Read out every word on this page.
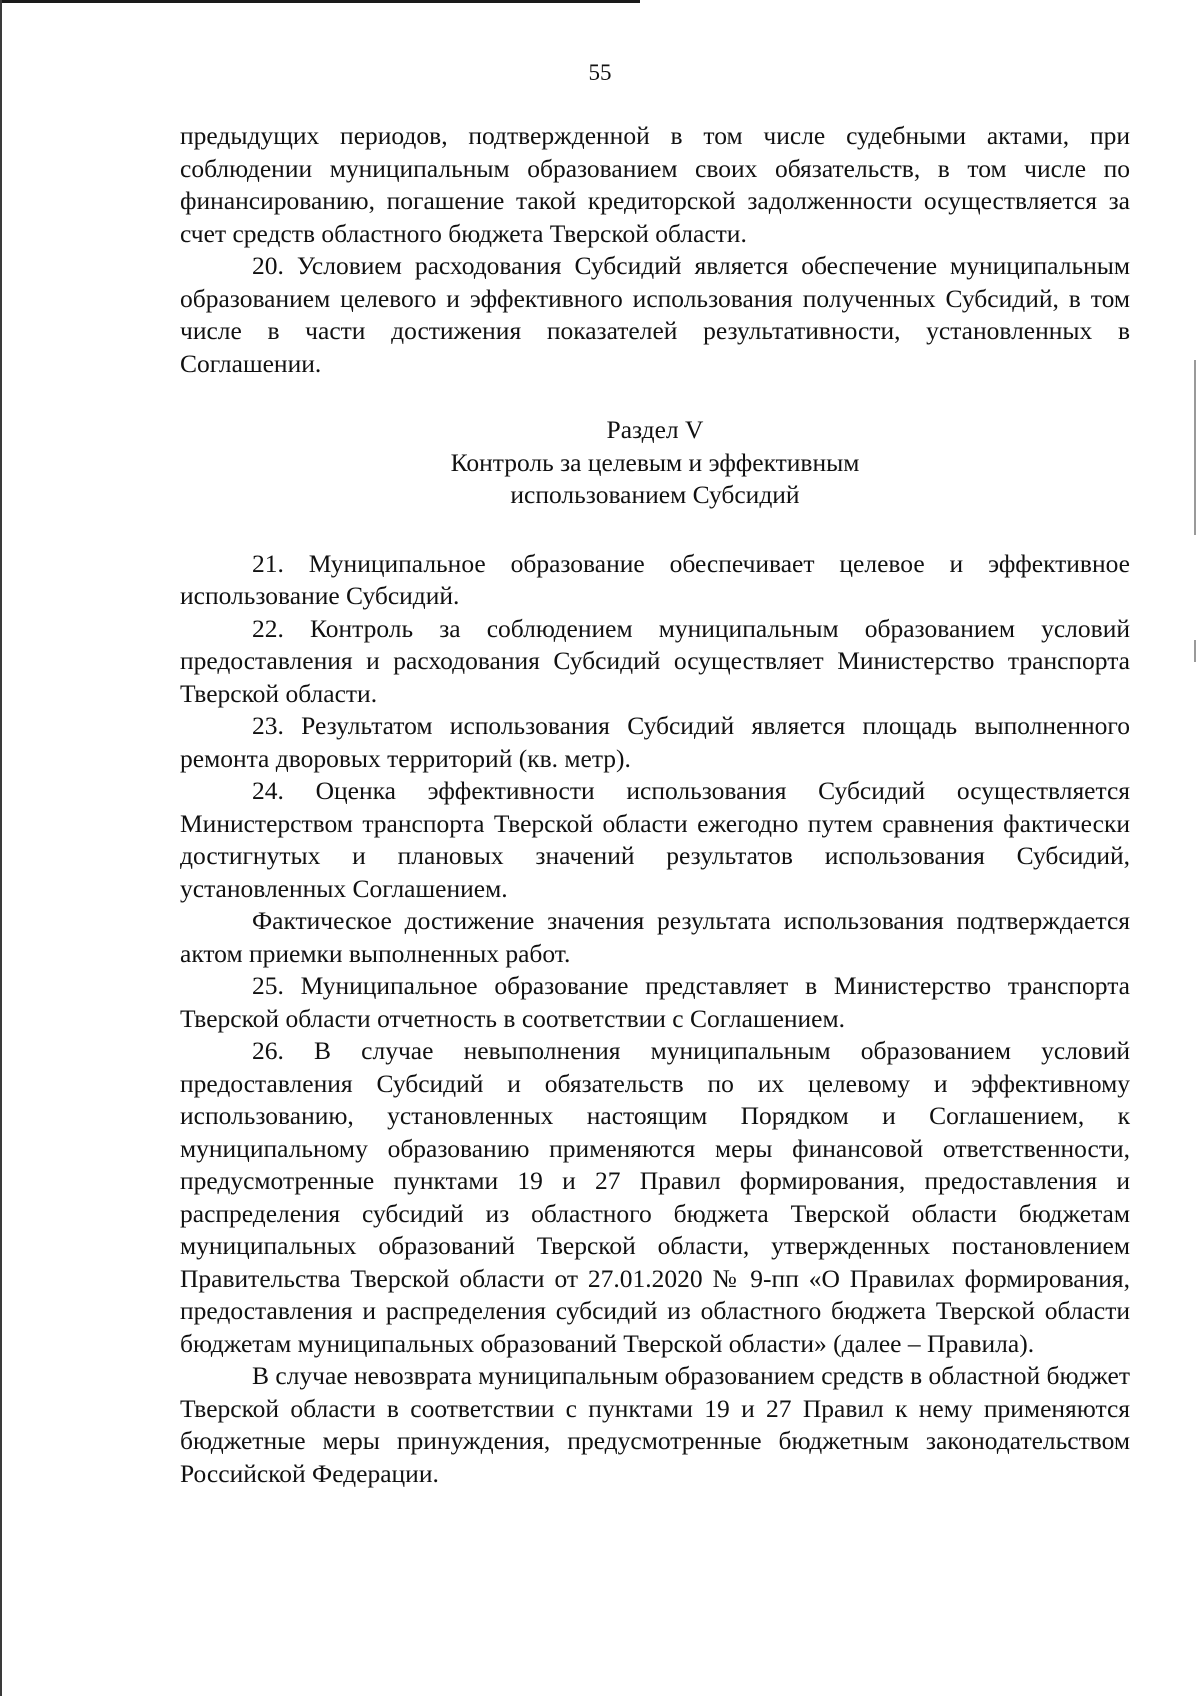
55

предыдущих периодов, подтвержденной в том числе судебными актами, при соблюдении муниципальным образованием своих обязательств, в том числе по финансированию, погашение такой кредиторской задолженности осуществляется за счет средств областного бюджета Тверской области.

20. Условием расходования Субсидий является обеспечение муниципальным образованием целевого и эффективного использования полученных Субсидий, в том числе в части достижения показателей результативности, установленных в Соглашении.

Раздел V
Контроль за целевым и эффективным
использованием Субсидий

21. Муниципальное образование обеспечивает целевое и эффективное использование Субсидий.

22. Контроль за соблюдением муниципальным образованием условий предоставления и расходования Субсидий осуществляет Министерство транспорта Тверской области.

23. Результатом использования Субсидий является площадь выполненного ремонта дворовых территорий (кв. метр).

24. Оценка эффективности использования Субсидий осуществляется Министерством транспорта Тверской области ежегодно путем сравнения фактически достигнутых и плановых значений результатов использования Субсидий, установленных Соглашением.

Фактическое достижение значения результата использования подтверждается актом приемки выполненных работ.

25. Муниципальное образование представляет в Министерство транспорта Тверской области отчетность в соответствии с Соглашением.

26. В случае невыполнения муниципальным образованием условий предоставления Субсидий и обязательств по их целевому и эффективному использованию, установленных настоящим Порядком и Соглашением, к муниципальному образованию применяются меры финансовой ответственности, предусмотренные пунктами 19 и 27 Правил формирования, предоставления и распределения субсидий из областного бюджета Тверской области бюджетам муниципальных образований Тверской области, утвержденных постановлением Правительства Тверской области от 27.01.2020 № 9-пп «О Правилах формирования, предоставления и распределения субсидий из областного бюджета Тверской области бюджетам муниципальных образований Тверской области» (далее – Правила).

В случае невозврата муниципальным образованием средств в областной бюджет Тверской области в соответствии с пунктами 19 и 27 Правил к нему применяются бюджетные меры принуждения, предусмотренные бюджетным законодательством Российской Федерации.
